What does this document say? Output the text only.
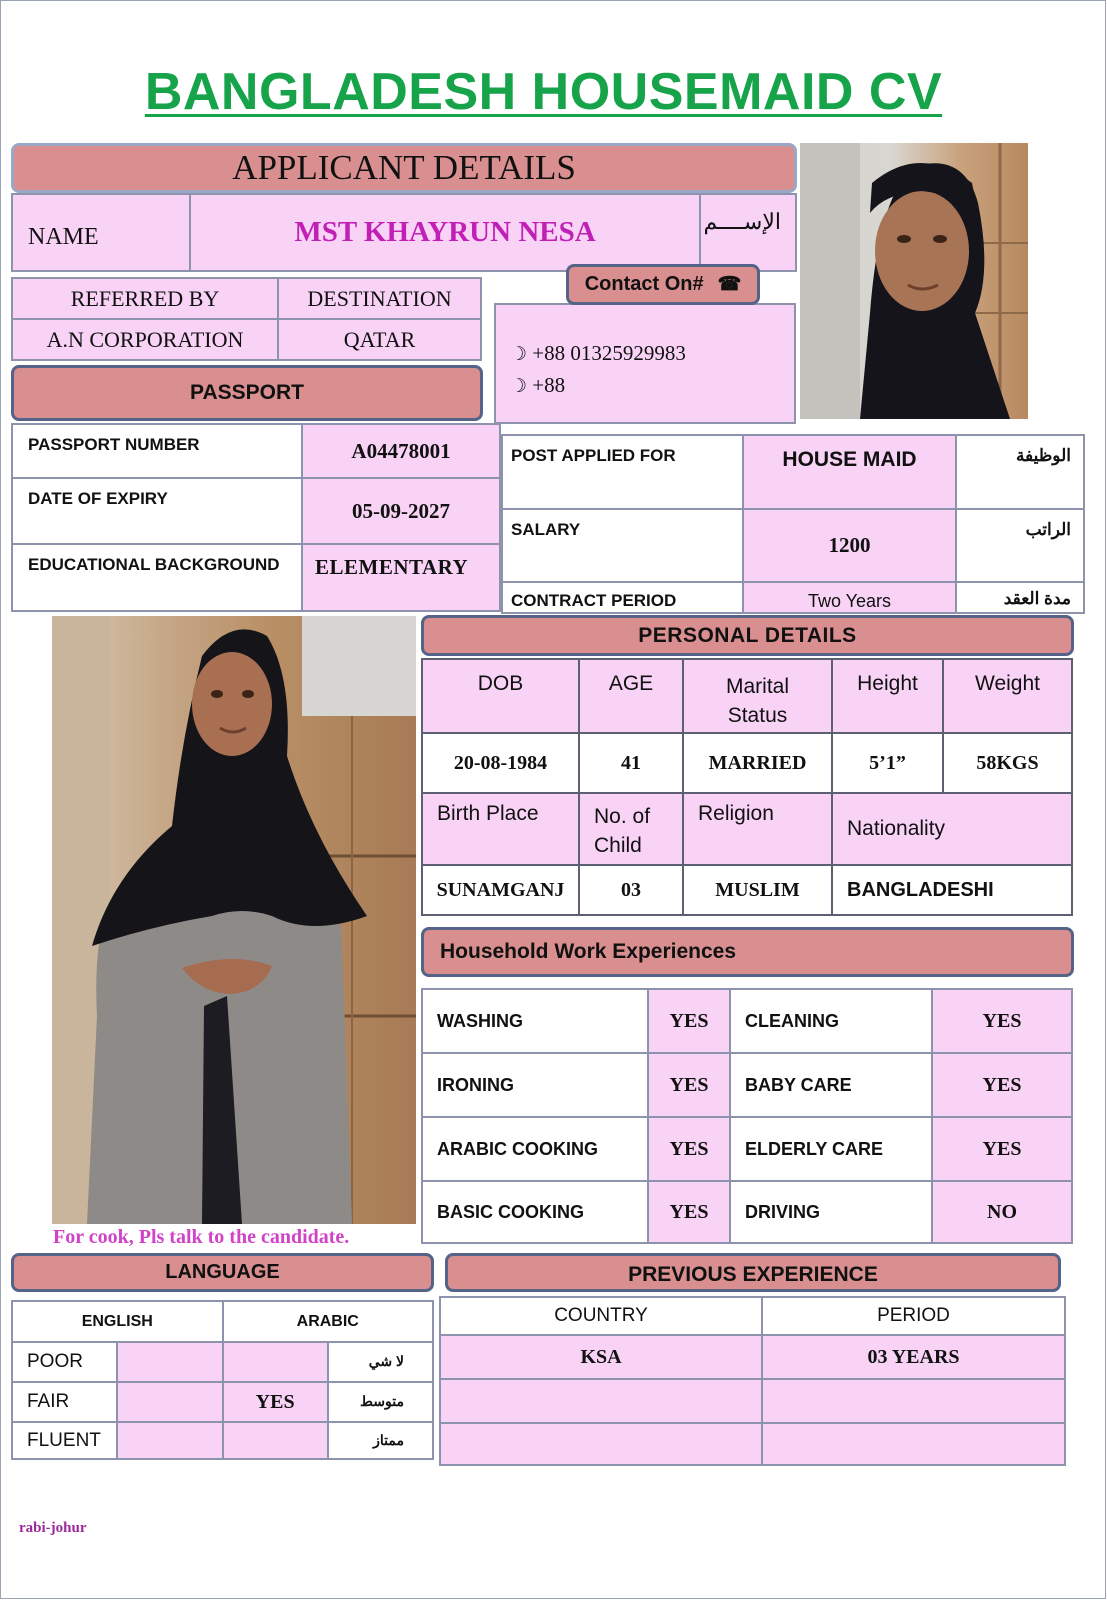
BANGLADESH HOUSEMAID CV
APPLICANT DETAILS
NAME	MST KHAYRUN NESA	الإســــم
REFERRED BY	DESTINATION
A.N CORPORATION	QATAR
☽ +88 01325929983
☽ +88
Contact On# ☎
PASSPORT
PASSPORT NUMBER	A04478001

DATE OF EXPIRY	05-09-2027

EDUCATIONAL BACKGROUND	ELEMENTARY
POST APPLIED FOR	HOUSE MAID	الوظيفة

SALARY	1200	الراتب

CONTRACT PERIOD	Two Years	مدة العقد
PERSONAL DETAILS
DOB	AGE	Marital Status	Height	Weight

20-08-1984	41	MARRIED	5’1”	58KGS

Birth Place	No. of Child	Religion	Nationality	

SUNAMGANJ	03	MUSLIM	BANGLADESHI	
Household Work Experiences
WASHING	YES	CLEANING	YES
IRONING	YES	BABY CARE	YES
ARABIC COOKING	YES	ELDERLY CARE	YES
BASIC COOKING	YES	DRIVING	NO
For cook, Pls talk to the candidate.
LANGUAGE
ENGLISH		ARABIC	
POOR			لا شي
FAIR		YES	متوسط
FLUENT			ممتاز
PREVIOUS EXPERIENCE
COUNTRY	PERIOD
KSA	03 YEARS

rabi-johur
